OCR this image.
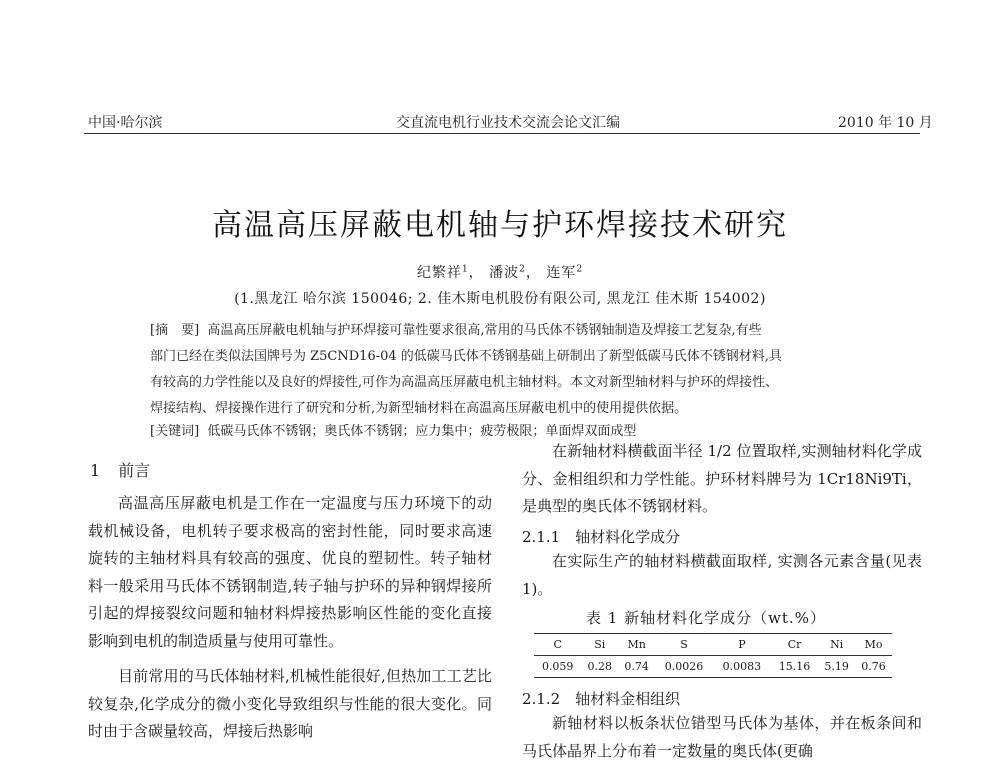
中国·哈尔滨	交直流电机行业技术交流会论文汇编	2010 年 10 月
高温高压屏蔽电机轴与护环焊接技术研究
纪繁祥$^1$， 潘波$^2$， 连军$^2$
(1.黑龙江 哈尔滨 150046; 2. 佳木斯电机股份有限公司, 黑龙江 佳木斯 154002)

[摘　要] 高温高压屏蔽电机轴与护环焊接可靠性要求很高,常用的马氏体不锈钢轴制造及焊接工艺复杂,有些

部门已经在类似法国牌号为 Z5CND16-04 的低碳马氏体不锈钢基础上研制出了新型低碳马氏体不锈钢材料,具

有较高的力学性能以及良好的焊接性,可作为高温高压屏蔽电机主轴材料。本文对新型轴材料与护环的焊接性、

焊接结构、焊接操作进行了研究和分析,为新型轴材料在高温高压屏蔽电机中的使用提供依据。

[关键词] 低碳马氏体不锈钢；奥氏体不锈钢；应力集中；疲劳极限；单面焊双面成型
1 前言

高温高压屏蔽电机是工作在一定温度与压力环境下的动载机械设备，电机转子要求极高的密封性能，同时要求高速旋转的主轴材料具有较高的强度、优良的塑韧性。转子轴材料一般采用马氏体不锈钢制造,转子轴与护环的异种钢焊接所引起的焊接裂纹问题和轴材料焊接热影响区性能的变化直接影响到电机的制造质量与使用可靠性。

目前常用的马氏体轴材料,机械性能很好,但热加工工艺比较复杂,化学成分的微小变化导致组织与性能的很大变化。同时由于含碳量较高，焊接后热影响

在新轴材料横截面半径 1/2 位置取样,实测轴材料化学成分、金相组织和力学性能。护环材料牌号为 1Cr18Ni9Ti，是典型的奥氏体不锈钢材料。

2.1.1　轴材料化学成分

在实际生产的轴材料横截面取样, 实测各元素含量(见表 1)。

表 1 新轴材料化学成分（wt.%）
C	Si	Mn	S	P	Cr	Ni	Mo
0.059	0.28	0.74	0.0026	0.0083	15.16	5.19	0.76
2.1.2　轴材料金相组织

新轴材料以板条状位错型马氏体为基体，并在板条间和马氏体晶界上分布着一定数量的奥氏体(更确
